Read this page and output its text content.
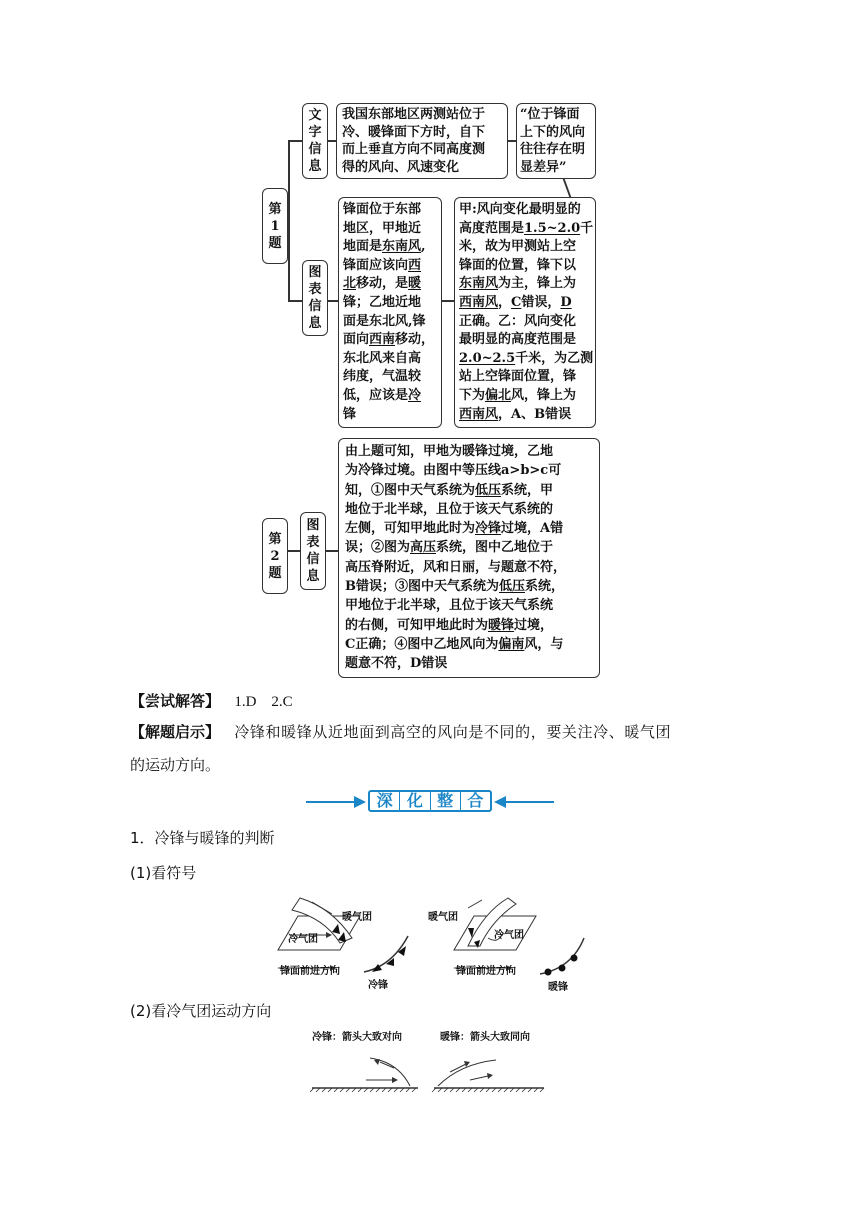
第
1
题
文
字
信
息
我国东部地区两测站位于
冷、暖锋面下方时，自下
而上垂直方向不同高度测
得的风向、风速变化
“位于锋面
上下的风向
往往存在明
显差异”
图
表
信
息
锋面位于东部
地区，甲地近
地面是东南风,
锋面应该向西
北移动，是暖
锋；乙地近地
面是东北风,锋
面向西南移动，
东北风来自高
纬度，气温较
低，应该是冷
锋
甲:风向变化最明显的
高度范围是1.5~2.0千
米，故为甲测站上空
锋面的位置，锋下以
东南风为主，锋上为
西南风，C错误，D
正确。乙：风向变化
最明显的高度范围是
2.0~2.5千米，为乙测
站上空锋面位置，锋
下为偏北风，锋上为
西南风，A、B错误
第
2
题
图
表
信
息
由上题可知，甲地为暖锋过境，乙地
为冷锋过境。由图中等压线a>b>c可
知，①图中天气系统为低压系统，甲
地位于北半球，且位于该天气系统的
左侧，可知甲地此时为冷锋过境，A错
误；②图为高压系统，图中乙地位于
高压脊附近，风和日丽，与题意不符，
B错误；③图中天气系统为低压系统，
甲地位于北半球，且位于该天气系统
的右侧，可知甲地此时为暖锋过境，
C正确；④图中乙地风向为偏南风，与
题意不符，D错误
【尝试解答】 1.D　2.C
【解题启示】 冷锋和暖锋从近地面到高空的风向是不同的，要关注冷、暖气团
的运动方向。
深 化 整 合
1．冷锋与暖锋的判断
(1)看符号
暖气团
冷气团
锋面前进方向
冷锋
暖气团
冷气团
锋面前进方向
暖锋
(2)看冷气团运动方向
冷锋：箭头大致对向	暖锋：箭头大致同向
